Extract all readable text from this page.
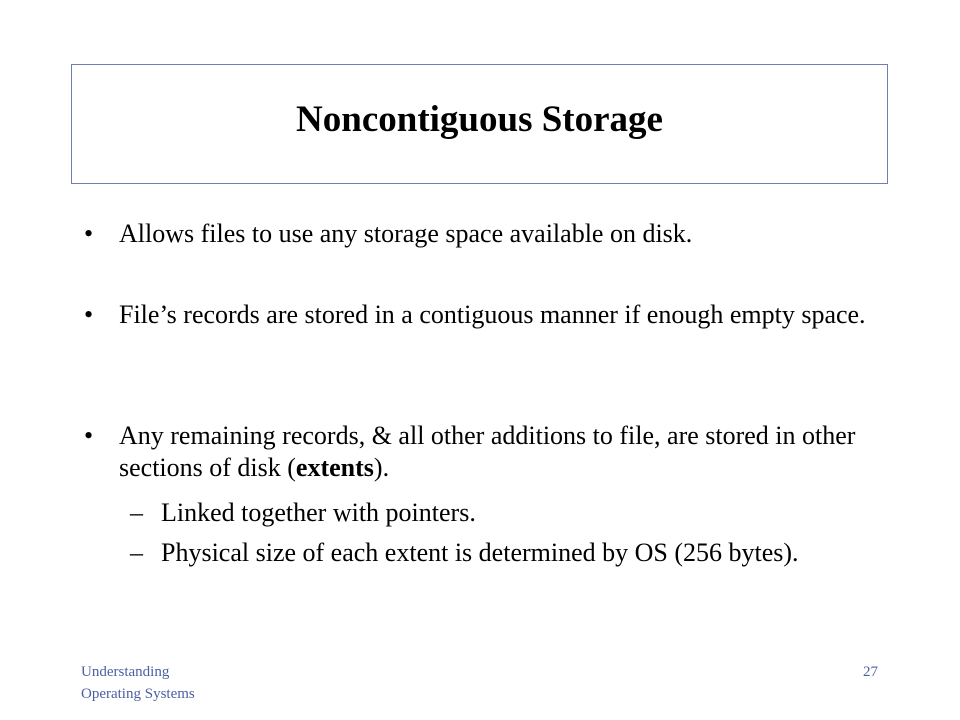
Noncontiguous Storage
• Allows files to use any storage space available on disk.
• File’s records are stored in a contiguous manner if enough empty space.
• Any remaining records, & all other additions to file, are stored in other sections of disk (extents).
– Linked together with pointers.
– Physical size of each extent is determined by OS (256 bytes).
Understanding
Operating Systems
27
